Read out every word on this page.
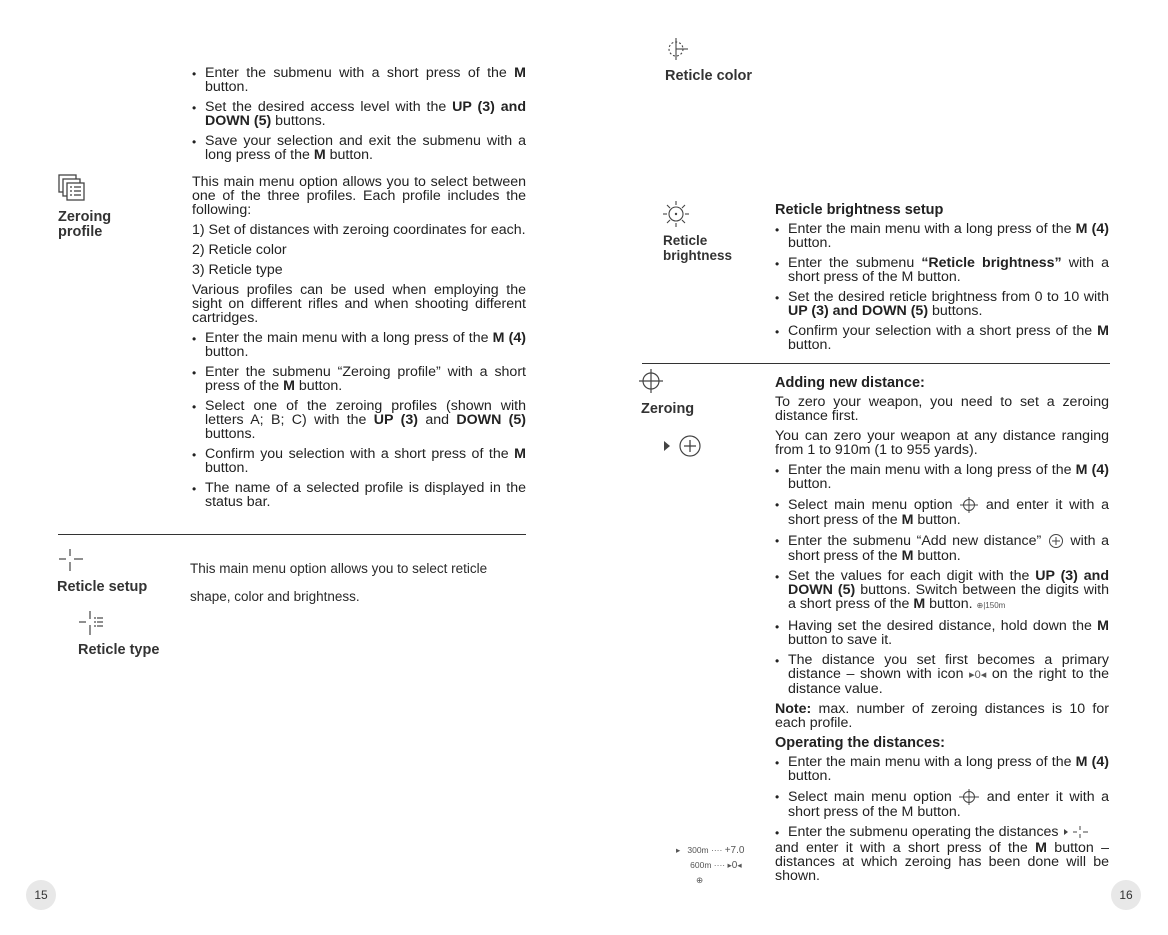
• Enter the submenu with a short press of the M button.
• Set the desired access level with the UP (3) and DOWN (5) buttons.
• Save your selection and exit the submenu with a long press of the M button.
Zeroing profile

This main menu option allows you to select between one of the three profiles. Each profile includes the following:

1) Set of distances with zeroing coordinates for each.

2) Reticle color

3) Reticle type

Various profiles can be used when employing the sight on different rifles and when shooting different cartridges.

• Enter the main menu with a long press of the M (4) button.
• Enter the submenu “Zeroing profile” with a short press of the M button.
• Select one of the zeroing profiles (shown with letters A; B; C) with the UP (3) and DOWN (5) buttons.
• Confirm you selection with a short press of the M button.
• The name of a selected profile is displayed in the status bar.
Reticle setup
This main menu option allows you to select reticle
shape, color and brightness.
Reticle type
15
Reticle color
Reticle brightness
Reticle brightness setup
• Enter the main menu with a long press of the M (4) button.
• Enter the submenu “Reticle brightness” with a short press of the M button.
• Set the desired reticle brightness from 0 to 10 with UP (3) and DOWN (5) buttons.
• Confirm your selection with a short press of the M button.
Zeroing
Adding new distance:

To zero your weapon, you need to set a zeroing distance first.

You can zero your weapon at any distance ranging from 1 to 910m (1 to 955 yards).

• Enter the main menu with a long press of the M (4) button.
• Select main menu option  and enter it with a short press of the M button.
• Enter the submenu “Add new distance”  with a short press of the M button.
• Set the values for each digit with the UP (3) and DOWN (5) buttons. Switch between the digits with a short press of the M button. ⊕|150m
• Having set the desired distance, hold down the M button to save it.
• The distance you set first becomes a primary distance – shown with icon ▸0◂ on the right to the distance value.

Note: max. number of zeroing distances is 10 for each profile.

Operating the distances:
• Enter the main menu with a long press of the M (4) button.
• Select main menu option  and enter it with a short press of the M button.
• Enter the submenu operating the distances

and enter it with a short press of the M button – distances at which zeroing has been done will be shown.

▸ 300m ···· +7.0
600m ···· ▸0◂
⊕
16
